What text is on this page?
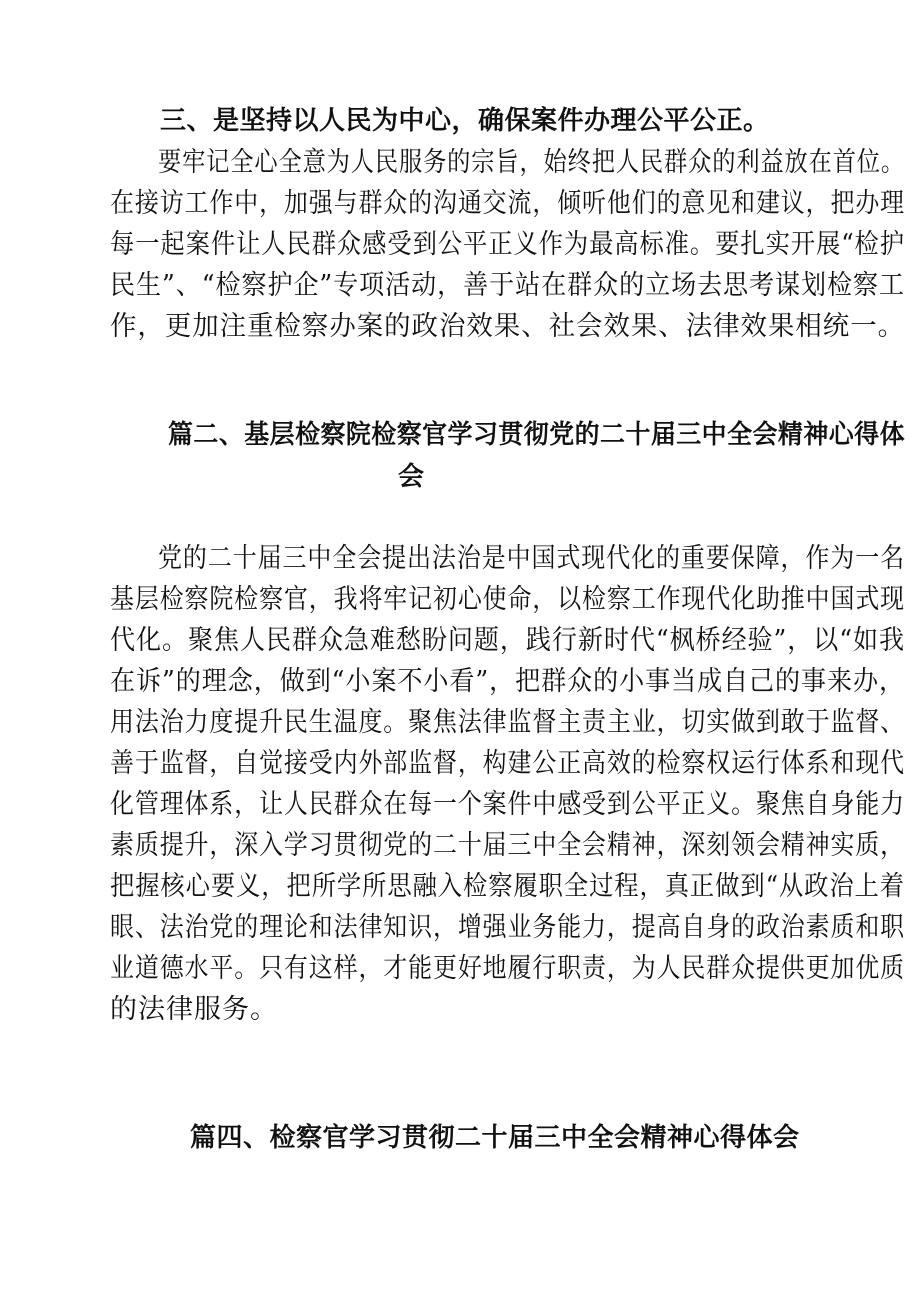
三、是坚持以人民为中心，确保案件办理公平公正。
要牢记全心全意为人民服务的宗旨，始终把人民群众的利益放在首位。
在接访工作中，加强与群众的沟通交流，倾听他们的意见和建议，把办理
每一起案件让人民群众感受到公平正义作为最高标准。要扎实开展“检护
民生”、“检察护企”专项活动，善于站在群众的立场去思考谋划检察工
作，更加注重检察办案的政治效果、社会效果、法律效果相统一。
篇二、基层检察院检察官学习贯彻党的二十届三中全会精神心得体
会
党的二十届三中全会提出法治是中国式现代化的重要保障，作为一名
基层检察院检察官，我将牢记初心使命，以检察工作现代化助推中国式现
代化。聚焦人民群众急难愁盼问题，践行新时代“枫桥经验”，以“如我
在诉”的理念，做到“小案不小看”，把群众的小事当成自己的事来办，
用法治力度提升民生温度。聚焦法律监督主责主业，切实做到敢于监督、
善于监督，自觉接受内外部监督，构建公正高效的检察权运行体系和现代
化管理体系，让人民群众在每一个案件中感受到公平正义。聚焦自身能力
素质提升，深入学习贯彻党的二十届三中全会精神，深刻领会精神实质，
把握核心要义，把所学所思融入检察履职全过程，真正做到“从政治上着
眼、法治党的理论和法律知识，增强业务能力，提高自身的政治素质和职
业道德水平。只有这样，才能更好地履行职责，为人民群众提供更加优质
的法律服务。
篇四、检察官学习贯彻二十届三中全会精神心得体会
